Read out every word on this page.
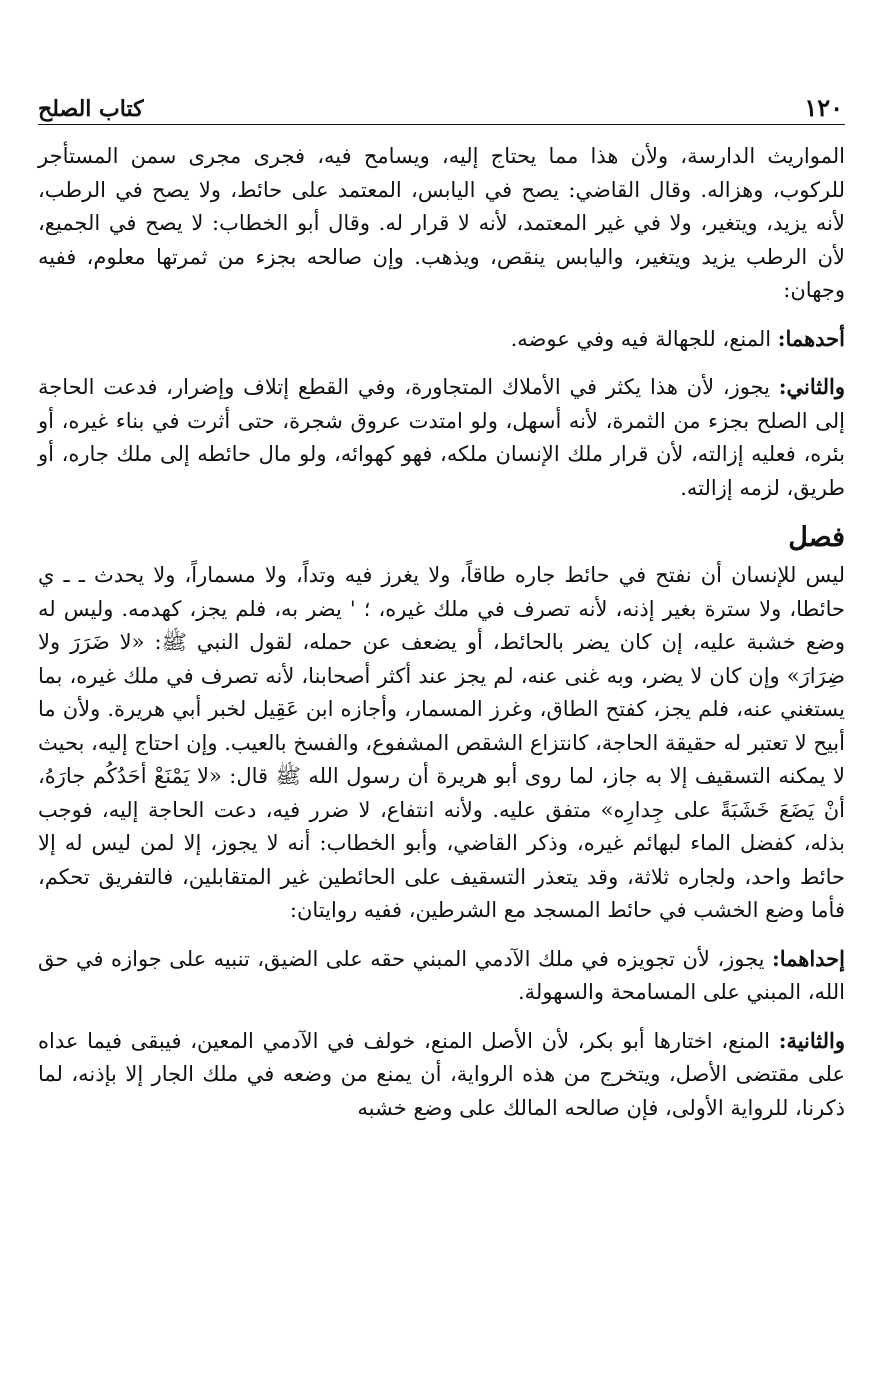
١٢٠
كتاب الصلح

المواريث الدارسة، ولأن هذا مما يحتاج إليه، ويسامح فيه، فجرى مجرى سمن المستأجر للركوب، وهزاله. وقال القاضي: يصح في اليابس، المعتمد على حائط، ولا يصح في الرطب، لأنه يزيد، ويتغير، ولا في غير المعتمد، لأنه لا قرار له. وقال أبو الخطاب: لا يصح في الجميع، لأن الرطب يزيد ويتغير، واليابس ينقص، ويذهب. وإن صالحه بجزء من ثمرتها معلوم، ففيه وجهان:

أحدهما: المنع، للجهالة فيه وفي عوضه.

والثاني: يجوز، لأن هذا يكثر في الأملاك المتجاورة، وفي القطع إتلاف وإضرار، فدعت الحاجة إلى الصلح بجزء من الثمرة، لأنه أسهل، ولو امتدت عروق شجرة، حتى أثرت في بناء غيره، أو بئره، فعليه إزالته، لأن قرار ملك الإنسان ملكه، فهو كهوائه، ولو مال حائطه إلى ملك جاره، أو طريق، لزمه إزالته.

فصل

ليس للإنسان أن نفتح في حائط جاره طاقاً، ولا يغرز فيه وتداً، ولا مسماراً، ولا يحدث ـ ـ ي حائطا، ولا سترة بغير إذنه، لأنه تصرف في ملك غيره، ؛ ' يضر به، فلم يجز، كهدمه. وليس له وضع خشبة عليه، إن كان يضر بالحائط، أو يضعف عن حمله، لقول النبي ﷺ: «لا ضَرَرَ ولا ضِرَارَ» وإن كان لا يضر، وبه غنى عنه، لم يجز عند أكثر أصحابنا، لأنه تصرف في ملك غيره، بما يستغني عنه، فلم يجز، كفتح الطاق، وغرز المسمار، وأجازه ابن عَقِيل لخبر أبي هريرة. ولأن ما أبيح لا تعتبر له حقيقة الحاجة، كانتزاع الشقص المشفوع، والفسخ بالعيب. وإن احتاج إليه، بحيث لا يمكنه التسقيف إلا به جاز، لما روى أبو هريرة أن رسول الله ﷺ قال: «لا يَمْنَعْ أحَدُكُم جارَهُ، أنْ يَضَعَ خَشَبَةً على جِدارِه» متفق عليه. ولأنه انتفاع، لا ضرر فيه، دعت الحاجة إليه، فوجب بذله، كفضل الماء لبهائم غيره، وذكر القاضي، وأبو الخطاب: أنه لا يجوز، إلا لمن ليس له إلا حائط واحد، ولجاره ثلاثة، وقد يتعذر التسقيف على الحائطين غير المتقابلين، فالتفريق تحكم، فأما وضع الخشب في حائط المسجد مع الشرطين، ففيه روايتان:

إحداهما: يجوز، لأن تجويزه في ملك الآدمي المبني حقه على الضيق، تنبيه على جوازه في حق الله، المبني على المسامحة والسهولة.

والثانية: المنع، اختارها أبو بكر، لأن الأصل المنع، خولف في الآدمي المعين، فيبقى فيما عداه على مقتضى الأصل، ويتخرج من هذه الرواية، أن يمنع من وضعه في ملك الجار إلا بإذنه، لما ذكرنا، للرواية الأولى، فإن صالحه المالك على وضع خشبه
